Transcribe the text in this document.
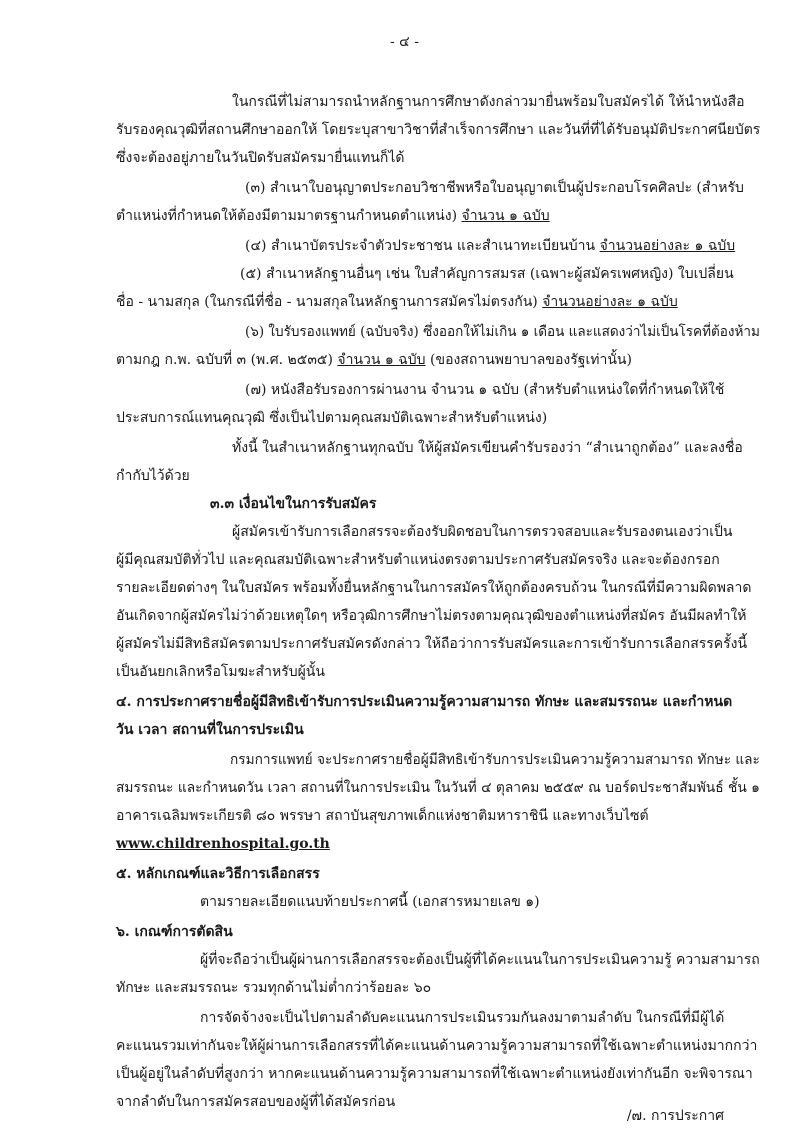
- ๔ -
ในกรณีที่ไม่สามารถนำหลักฐานการศึกษาดังกล่าวมายื่นพร้อมใบสมัครได้ ให้นำหนังสือ
รับรองคุณวุฒิที่สถานศึกษาออกให้ โดยระบุสาขาวิชาที่สำเร็จการศึกษา และวันที่ที่ได้รับอนุมัติประกาศนียบัตร
ซึ่งจะต้องอยู่ภายในวันปิดรับสมัครมายื่นแทนก็ได้
(๓) สำเนาใบอนุญาตประกอบวิชาชีพหรือใบอนุญาตเป็นผู้ประกอบโรคศิลปะ (สำหรับ
ตำแหน่งที่กำหนดให้ต้องมีตามมาตรฐานกำหนดตำแหน่ง) จำนวน ๑ ฉบับ
(๔) สำเนาบัตรประจำตัวประชาชน และสำเนาทะเบียนบ้าน จำนวนอย่างละ ๑ ฉบับ
(๕) สำเนาหลักฐานอื่นๆ เช่น ใบสำคัญการสมรส (เฉพาะผู้สมัครเพศหญิง) ใบเปลี่ยน
ชื่อ - นามสกุล (ในกรณีที่ชื่อ - นามสกุลในหลักฐานการสมัครไม่ตรงกัน) จำนวนอย่างละ ๑ ฉบับ
(๖) ใบรับรองแพทย์ (ฉบับจริง) ซึ่งออกให้ไม่เกิน ๑ เดือน และแสดงว่าไม่เป็นโรคที่ต้องห้าม
ตามกฎ ก.พ. ฉบับที่ ๓ (พ.ศ. ๒๕๓๕) จำนวน ๑ ฉบับ (ของสถานพยาบาลของรัฐเท่านั้น)
(๗) หนังสือรับรองการผ่านงาน จำนวน ๑ ฉบับ (สำหรับตำแหน่งใดที่กำหนดให้ใช้
ประสบการณ์แทนคุณวุฒิ ซึ่งเป็นไปตามคุณสมบัติเฉพาะสำหรับตำแหน่ง)
ทั้งนี้ ในสำเนาหลักฐานทุกฉบับ ให้ผู้สมัครเขียนคำรับรองว่า “สำเนาถูกต้อง” และลงชื่อ
กำกับไว้ด้วย
๓.๓ เงื่อนไขในการรับสมัคร
ผู้สมัครเข้ารับการเลือกสรรจะต้องรับผิดชอบในการตรวจสอบและรับรองตนเองว่าเป็น
ผู้มีคุณสมบัติทั่วไป และคุณสมบัติเฉพาะสำหรับตำแหน่งตรงตามประกาศรับสมัครจริง และจะต้องกรอก
รายละเอียดต่างๆ ในใบสมัคร พร้อมทั้งยื่นหลักฐานในการสมัครให้ถูกต้องครบถ้วน ในกรณีที่มีความผิดพลาด
อันเกิดจากผู้สมัครไม่ว่าด้วยเหตุใดๆ หรือวุฒิการศึกษาไม่ตรงตามคุณวุฒิของตำแหน่งที่สมัคร อันมีผลทำให้
ผู้สมัครไม่มีสิทธิสมัครตามประกาศรับสมัครดังกล่าว ให้ถือว่าการรับสมัครและการเข้ารับการเลือกสรรครั้งนี้
เป็นอันยกเลิกหรือโมฆะสำหรับผู้นั้น
๔. การประกาศรายชื่อผู้มีสิทธิเข้ารับการประเมินความรู้ความสามารถ ทักษะ และสมรรถนะ และกำหนด
วัน เวลา สถานที่ในการประเมิน
กรมการแพทย์ จะประกาศรายชื่อผู้มีสิทธิเข้ารับการประเมินความรู้ความสามารถ ทักษะ และ
สมรรถนะ และกำหนดวัน เวลา สถานที่ในการประเมิน ในวันที่ ๔ ตุลาคม ๒๕๕๙ ณ บอร์ดประชาสัมพันธ์ ชั้น ๑
อาคารเฉลิมพระเกียรติ ๘๐ พรรษา สถาบันสุขภาพเด็กแห่งชาติมหาราชินี และทางเว็บไซต์
www.childrenhospital.go.th
๕. หลักเกณฑ์และวิธีการเลือกสรร
ตามรายละเอียดแนบท้ายประกาศนี้ (เอกสารหมายเลข ๑)
๖. เกณฑ์การตัดสิน
ผู้ที่จะถือว่าเป็นผู้ผ่านการเลือกสรรจะต้องเป็นผู้ที่ได้คะแนนในการประเมินความรู้ ความสามารถ
ทักษะ และสมรรถนะ รวมทุกด้านไม่ต่ำกว่าร้อยละ ๖๐
การจัดจ้างจะเป็นไปตามลำดับคะแนนการประเมินรวมกันลงมาตามลำดับ ในกรณีที่มีผู้ได้
คะแนนรวมเท่ากันจะให้ผู้ผ่านการเลือกสรรที่ได้คะแนนด้านความรู้ความสามารถที่ใช้เฉพาะตำแหน่งมากกว่า
เป็นผู้อยู่ในลำดับที่สูงกว่า หากคะแนนด้านความรู้ความสามารถที่ใช้เฉพาะตำแหน่งยังเท่ากันอีก จะพิจารณา
จากลำดับในการสมัครสอบของผู้ที่ได้สมัครก่อน
/๗. การประกาศ
